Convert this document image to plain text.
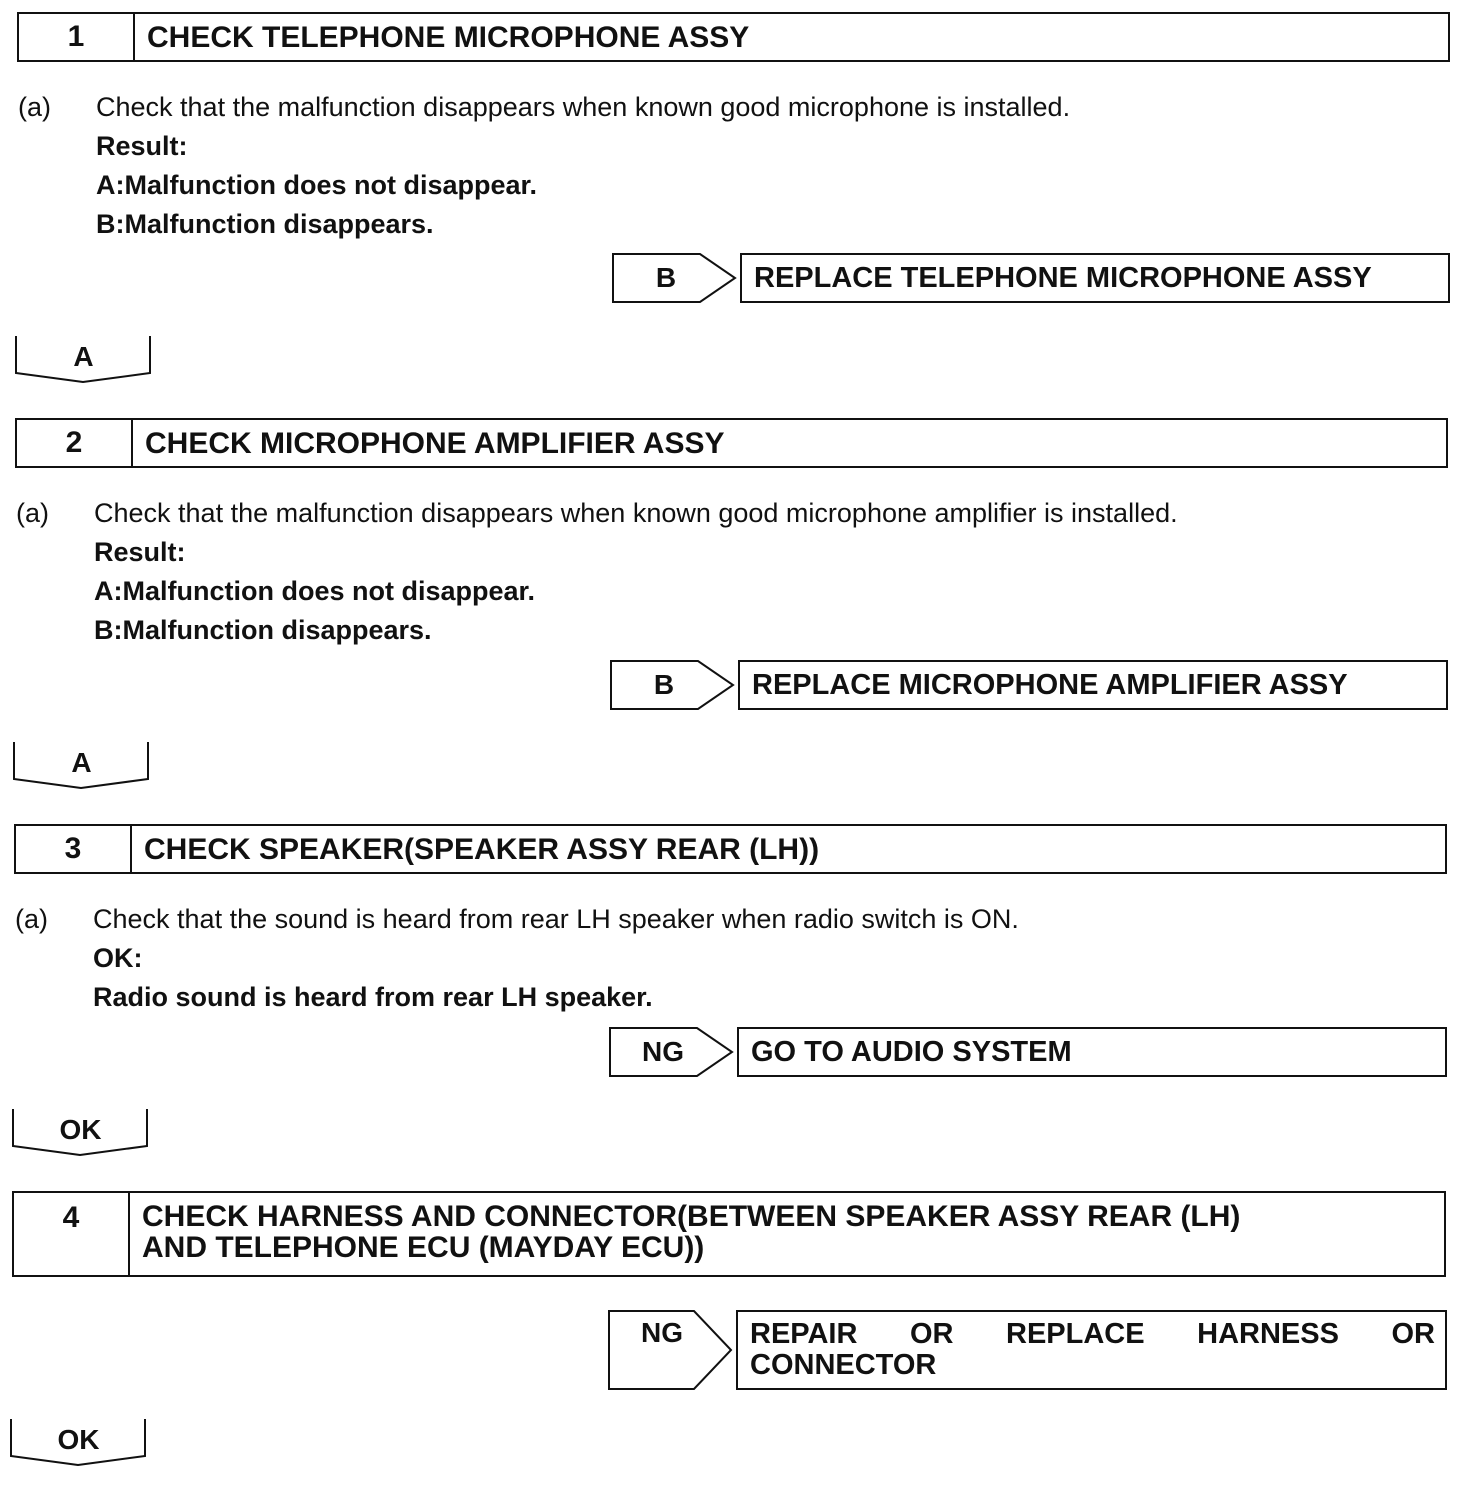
1	CHECK TELEPHONE MICROPHONE ASSY
(a) Check that the malfunction disappears when known good microphone is installed.
Result:
A:Malfunction does not disappear.
B:Malfunction disappears.
B	REPLACE TELEPHONE MICROPHONE ASSY
A
2	CHECK MICROPHONE AMPLIFIER ASSY
(a) Check that the malfunction disappears when known good microphone amplifier is installed.
Result:
A:Malfunction does not disappear.
B:Malfunction disappears.
B	REPLACE MICROPHONE AMPLIFIER ASSY
A
3	CHECK SPEAKER(SPEAKER ASSY REAR (LH))
(a) Check that the sound is heard from rear LH speaker when radio switch is ON.
OK:
Radio sound is heard from rear LH speaker.
NG	GO TO AUDIO SYSTEM
OK
4	CHECK HARNESS AND CONNECTOR(BETWEEN SPEAKER ASSY REAR (LH)
AND TELEPHONE ECU (MAYDAY ECU))
NG	REPAIR OR REPLACE HARNESS OR
CONNECTOR
OK
